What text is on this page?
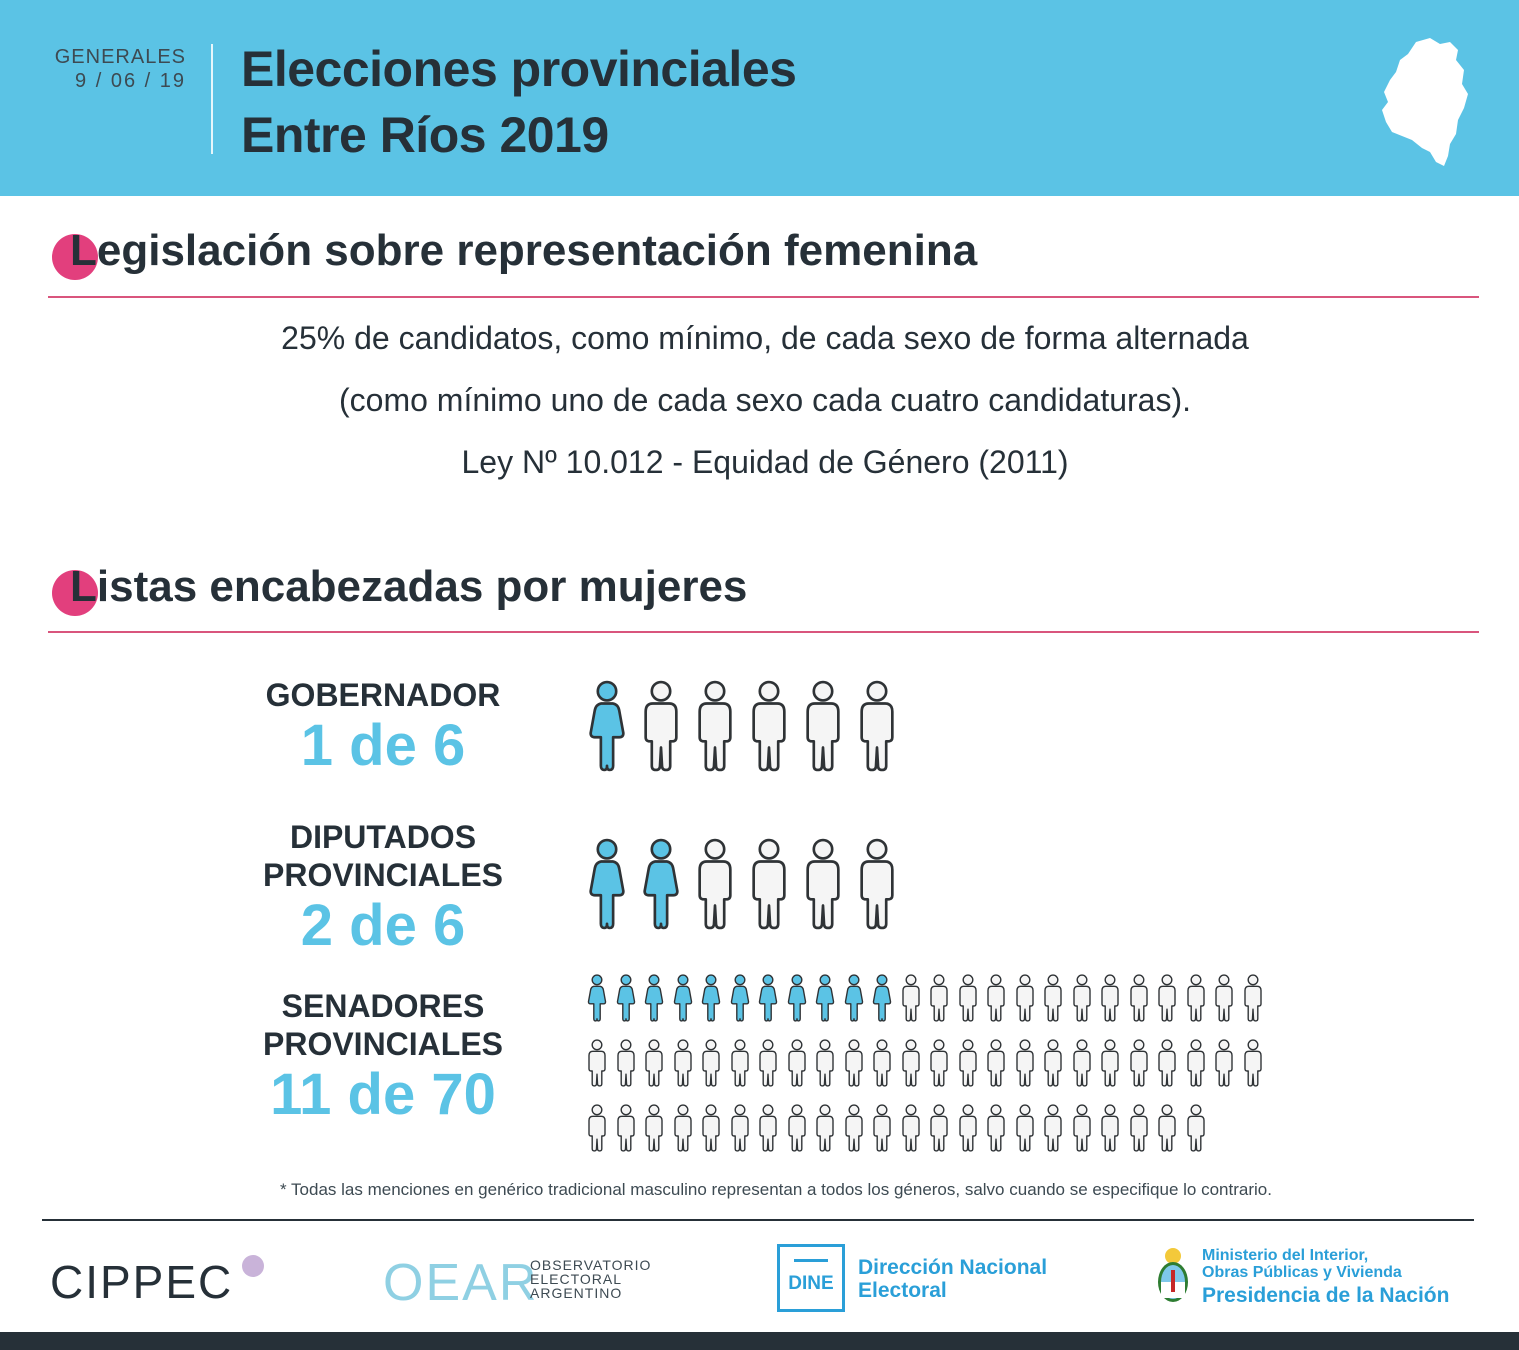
GENERALES
9 / 06 / 19 Elecciones provinciales
Entre Ríos 2019
Legislación sobre representación femenina
25% de candidatos, como mínimo, de cada sexo de forma alternada
(como mínimo uno de cada sexo cada cuatro candidaturas).
Ley Nº 10.012 - Equidad de Género (2011)
Listas encabezadas por mujeres
GOBERNADOR
1 de 6
DIPUTADOS
PROVINCIALES
2 de 6
SENADORES
PROVINCIALES
11 de 70
* Todas las menciones en genérico tradicional masculino representan a todos los géneros, salvo cuando se especifique lo contrario.
CIPPEC	OEAR
OBSERVATORIO
ELECTORAL
ARGENTINO	DINE
Dirección Nacional
Electoral
Ministerio del Interior,
Obras Públicas y Vivienda
Presidencia de la Nación
